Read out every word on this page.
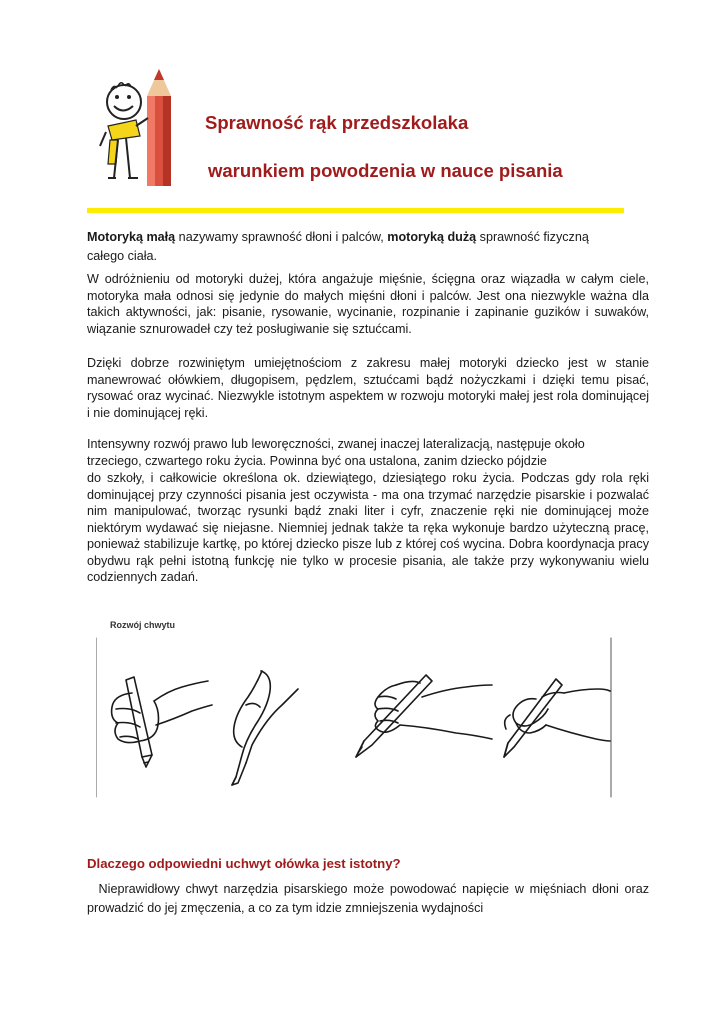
Sprawność rąk przedszkolaka
warunkiem powodzenia w nauce pisania

Motoryką małą nazywamy sprawność dłoni i palców, motoryką dużą sprawność fizyczną
całego ciała.

W odróżnieniu od motoryki dużej, która angażuje mięśnie, ścięgna oraz wiązadła w całym ciele, motoryka mała odnosi się jedynie do małych mięśni dłoni i palców. Jest ona niezwykle ważna dla takich aktywności, jak: pisanie, rysowanie, wycinanie, rozpinanie i zapinanie guzików i suwaków, wiązanie sznurowadeł czy też posługiwanie się sztućcami.

Dzięki dobrze rozwiniętym umiejętnościom z zakresu małej motoryki dziecko jest w stanie manewrować ołówkiem, długopisem, pędzlem, sztućcami bądź nożyczkami i dzięki temu pisać, rysować oraz wycinać. Niezwykle istotnym aspektem w rozwoju motoryki małej jest rola dominującej i nie dominującej ręki.

Intensywny rozwój prawo lub leworęczności, zwanej inaczej lateralizacją, następuje około

trzeciego, czwartego roku życia. Powinna być ona ustalona, zanim dziecko pójdzie

do szkoły, i całkowicie określona ok. dziewiątego, dziesiątego roku życia. Podczas gdy rola ręki dominującej przy czynności pisania jest oczywista - ma ona trzymać narzędzie pisarskie i pozwalać nim manipulować, tworząc rysunki bądź znaki liter i cyfr, znaczenie ręki nie dominującej może niektórym wydawać się niejasne. Niemniej jednak także ta ręka wykonuje bardzo użyteczną pracę, ponieważ stabilizuje kartkę, po której dziecko pisze lub z której coś wycina. Dobra koordynacja pracy obydwu rąk pełni istotną funkcję nie tylko w procesie pisania, ale także przy wykonywaniu wielu codziennych zadań.

Rozwój chwytu
Dlaczego odpowiedni uchwyt ołówka jest istotny?

Nieprawidłowy chwyt narzędzia pisarskiego może powodować napięcie w mięśniach dłoni oraz prowadzić do jej zmęczenia, a co za tym idzie zmniejszenia wydajności
